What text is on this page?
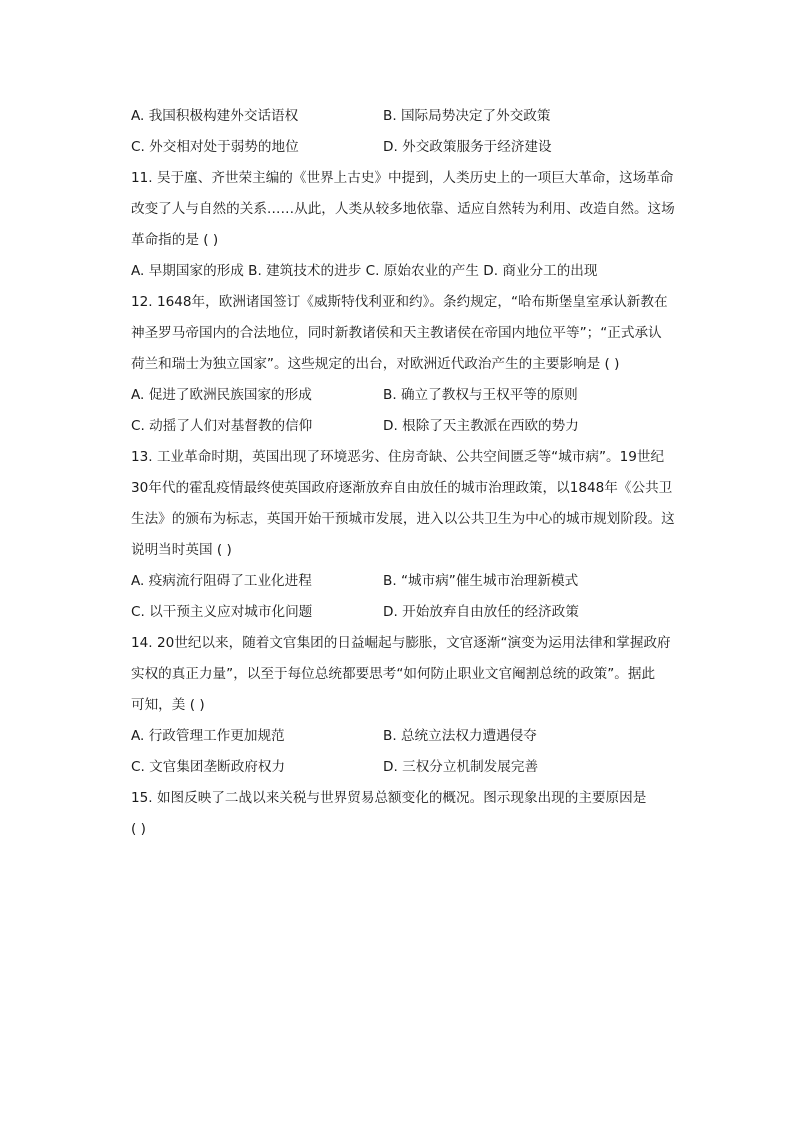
A. 我国积极构建外交话语权	B. 国际局势决定了外交政策
C. 外交相对处于弱势的地位	D. 外交政策服务于经济建设
11. 吴于廑、齐世荣主编的《世界上古史》中提到，人类历史上的一项巨大革命，这场革命
改变了人与自然的关系……从此，人类从较多地依靠、适应自然转为利用、改造自然。这场
革命指的是 ( )
A. 早期国家的形成 B. 建筑技术的进步 C. 原始农业的产生 D. 商业分工的出现
12. 1648年，欧洲诸国签订《威斯特伐利亚和约》。条约规定，“哈布斯堡皇室承认新教在
神圣罗马帝国内的合法地位，同时新教诸侯和天主教诸侯在帝国内地位平等”；“正式承认
荷兰和瑞士为独立国家”。这些规定的出台，对欧洲近代政治产生的主要影响是 ( )
A. 促进了欧洲民族国家的形成	B. 确立了教权与王权平等的原则
C. 动摇了人们对基督教的信仰	D. 根除了天主教派在西欧的势力
13. 工业革命时期，英国出现了环境恶劣、住房奇缺、公共空间匮乏等“城市病”。19世纪
30年代的霍乱疫情最终使英国政府逐渐放弃自由放任的城市治理政策，以1848年《公共卫
生法》的颁布为标志，英国开始干预城市发展，进入以公共卫生为中心的城市规划阶段。这
说明当时英国 ( )
A. 疫病流行阻碍了工业化进程	B. “城市病”催生城市治理新模式
C. 以干预主义应对城市化问题	D. 开始放弃自由放任的经济政策
14. 20世纪以来，随着文官集团的日益崛起与膨胀，文官逐渐“演变为运用法律和掌握政府
实权的真正力量”，以至于每位总统都要思考“如何防止职业文官阉割总统的政策”。据此
可知，美 ( )
A. 行政管理工作更加规范	B. 总统立法权力遭遇侵夺
C. 文官集团垄断政府权力	D. 三权分立机制发展完善
15. 如图反映了二战以来关税与世界贸易总额变化的概况。图示现象出现的主要原因是
( )
